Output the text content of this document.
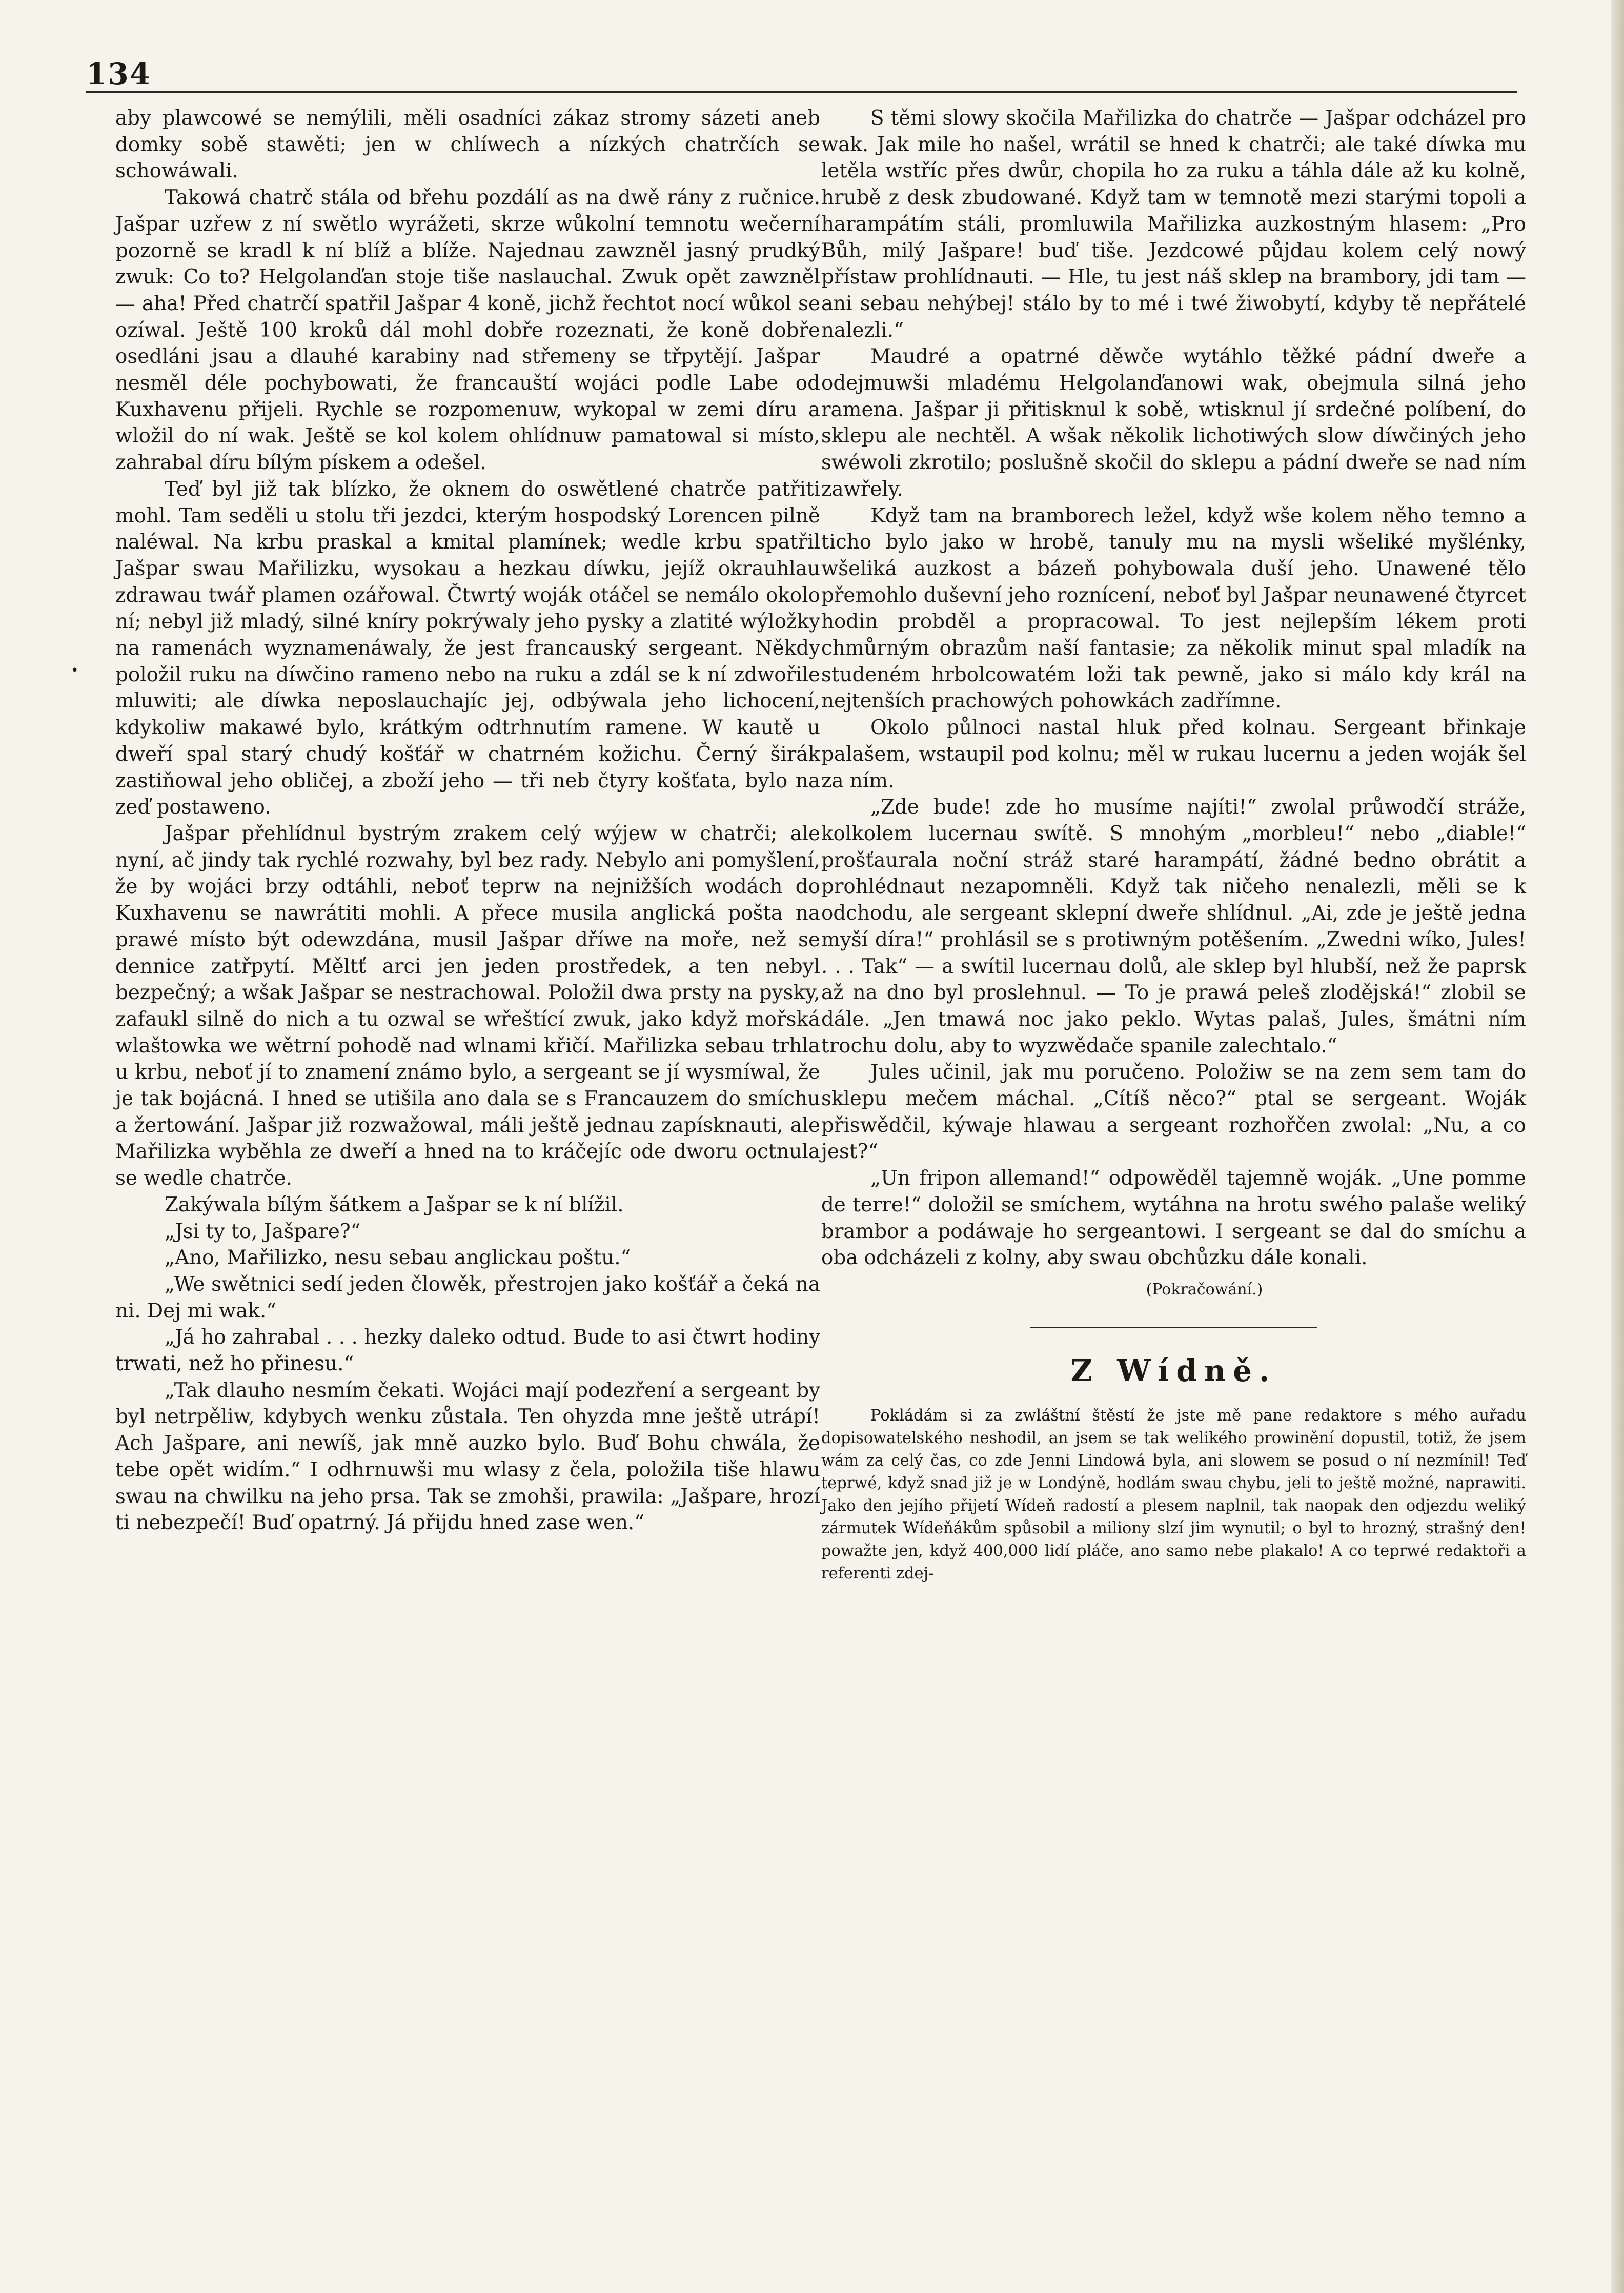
134
•

aby plawcowé se nemýlili, měli osadníci zákaz stromy sázeti aneb domky sobě stawěti; jen w chlíwech a nízkých chatrčích se schowáwali.

Takowá chatrč stála od břehu pozdálí as na dwě rány z ručnice. Jašpar uzřew z ní swětlo wyrážeti, skrze wůkolní temnotu wečerní pozorně se kradl k ní blíž a blíže. Najednau zawzněl jasný prudký zwuk: Co to? Helgolanďan stoje tiše naslauchal. Zwuk opět zawzněl — aha! Před chatrčí spatřil Jašpar 4 koně, jichž řechtot nocí wůkol se ozíwal. Ještě 100 kroků dál mohl dobře rozeznati, že koně dobře osedláni jsau a dlauhé karabiny nad střemeny se třpytějí. Jašpar nesměl déle pochybowati, že francauští wojáci podle Labe od Kuxhavenu přijeli. Rychle se rozpomenuw, wykopal w zemi díru a wložil do ní wak. Ještě se kol kolem ohlídnuw pamatowal si místo, zahrabal díru bílým pískem a odešel.

Teď byl již tak blízko, že oknem do oswětlené chatrče patřiti mohl. Tam seděli u stolu tři jezdci, kterým hospodský Lorencen pilně naléwal. Na krbu praskal a kmital plamínek; wedle krbu spatřil Jašpar swau Mařilizku, wysokau a hezkau díwku, jejíž okrauhlau zdrawau twář plamen ozářowal. Čtwrtý woják otáčel se nemálo okolo ní; nebyl již mladý, silné kníry pokrýwaly jeho pysky a zlatité wýložky na ramenách wyznamenáwaly, že jest francauský sergeant. Někdy položil ruku na díwčino rameno nebo na ruku a zdál se k ní zdwořile mluwiti; ale díwka neposlauchajíc jej, odbýwala jeho lichocení, kdykoliw makawé bylo, krátkým odtrhnutím ramene. W kautě u dweří spal starý chudý košťář w chatrném kožichu. Černý širák zastiňowal jeho obličej, a zboží jeho — tři neb čtyry košťata, bylo na zeď postaweno.

Jašpar přehlídnul bystrým zrakem celý wýjew w chatrči; ale nyní, ač jindy tak rychlé rozwahy, byl bez rady. Nebylo ani pomyšlení, že by wojáci brzy odtáhli, neboť teprw na nejnižších wodách do Kuxhavenu se nawrátiti mohli. A přece musila anglická pošta na prawé místo být odewzdána, musil Jašpar dříwe na moře, než se dennice zatřpytí. Měltť arci jen jeden prostředek, a ten nebyl bezpečný; a wšak Jašpar se nestrachowal. Položil dwa prsty na pysky, zafaukl silně do nich a tu ozwal se wřeštící zwuk, jako když mořská wlaštowka we wětrní pohodě nad wlnami křičí. Mařilizka sebau trhla u krbu, neboť jí to znamení známo bylo, a sergeant se jí wysmíwal, že je tak bojácná. I hned se utišila ano dala se s Francauzem do smíchu a žertowání. Jašpar již rozwažowal, máli ještě jednau zapísknauti, ale Mařilizka wyběhla ze dweří a hned na to kráčejíc ode dworu octnula se wedle chatrče.

Zakýwala bílým šátkem a Jašpar se k ní blížil.

„Jsi ty to, Jašpare?“

„Ano, Mařilizko, nesu sebau anglickau poštu.“

„We swětnici sedí jeden člowěk, přestrojen jako košťář a čeká na ni. Dej mi wak.“

„Já ho zahrabal . . . hezky daleko odtud. Bude to asi čtwrt hodiny trwati, než ho přinesu.“

„Tak dlauho nesmím čekati. Wojáci mají podezření a sergeant by byl netrpěliw, kdybych wenku zůstala. Ten ohyzda mne ještě utrápí! Ach Jašpare, ani newíš, jak mně auzko bylo. Buď Bohu chwála, že tebe opět widím.“ I odhrnuwši mu wlasy z čela, položila tiše hlawu swau na chwilku na jeho prsa. Tak se zmohši, prawila: „Jašpare, hrozí ti nebezpečí! Buď opatrný. Já přijdu hned zase wen.“

S těmi slowy skočila Mařilizka do chatrče — Jašpar odcházel pro wak. Jak mile ho našel, wrátil se hned k chatrči; ale také díwka mu letěla wstříc přes dwůr, chopila ho za ruku a táhla dále až ku kolně, hrubě z desk zbudowané. Když tam w temnotě mezi starými topoli a harampátím stáli, promluwila Mařilizka auzkostným hlasem: „Pro Bůh, milý Jašpare! buď tiše. Jezdcowé půjdau kolem celý nowý přístaw prohlídnauti. — Hle, tu jest náš sklep na brambory, jdi tam — ani sebau nehýbej! stálo by to mé i twé žiwobytí, kdyby tě nepřátelé nalezli.“

Maudré a opatrné děwče wytáhlo těžké pádní dweře a odejmuwši mladému Helgolanďanowi wak, obejmula silná jeho ramena. Jašpar ji přitisknul k sobě, wtisknul jí srdečné políbení, do sklepu ale nechtěl. A wšak několik lichotiwých slow díwčiných jeho swéwoli zkrotilo; poslušně skočil do sklepu a pádní dweře se nad ním zawřely.

Když tam na bramborech ležel, když wše kolem něho temno a ticho bylo jako w hrobě, tanuly mu na mysli wšeliké myšlénky, wšeliká auzkost a bázeň pohybowala duší jeho. Unawené tělo přemohlo duševní jeho roznícení, neboť byl Jašpar neunawené čtyrcet hodin probděl a propracowal. To jest nejlepším lékem proti chmůrným obrazům naší fantasie; za několik minut spal mladík na studeném hrbolcowatém loži tak pewně, jako si málo kdy král na nejtenších prachowých pohowkách zadřímne.

Okolo půlnoci nastal hluk před kolnau. Sergeant břinkaje palašem, wstaupil pod kolnu; měl w rukau lucernu a jeden woják šel za ním.

„Zde bude! zde ho musíme najíti!“ zwolal průwodčí stráže, kolkolem lucernau swítě. S mnohým „morbleu!“ nebo „diable!“ prošťaurala noční stráž staré harampátí, žádné bedno obrátit a prohlédnaut nezapomněli. Když tak ničeho nenalezli, měli se k odchodu, ale sergeant sklepní dweře shlídnul. „Ai, zde je ještě jedna myší díra!“ prohlásil se s protiwným potěšením. „Zwedni wíko, Jules! . . . Tak“ — a swítil lucernau dolů, ale sklep byl hlubší, než že paprsk až na dno byl proslehnul. — To je prawá peleš zlodějská!“ zlobil se dále. „Jen tmawá noc jako peklo. Wytas palaš, Jules, šmátni ním trochu dolu, aby to wyzwědače spanile zalechtalo.“

Jules učinil, jak mu poručeno. Položiw se na zem sem tam do sklepu mečem máchal. „Cítíš něco?“ ptal se sergeant. Woják přiswědčil, kýwaje hlawau a sergeant rozhořčen zwolal: „Nu, a co jest?“

„Un fripon allemand!“ odpowěděl tajemně woják. „Une pomme de terre!“ doložil se smíchem, wytáhna na hrotu swého palaše weliký brambor a podáwaje ho sergeantowi. I sergeant se dal do smíchu a oba odcházeli z kolny, aby swau obchůzku dále konali.

(Pokračowání.)
Z Wídně.

Pokládám si za zwláštní štěstí že jste mě pane redaktore s mého auřadu dopisowatelského neshodil, an jsem se tak welikého prowinění dopustil, totiž, že jsem wám za celý čas, co zde Jenni Lindowá byla, ani slowem se posud o ní nezmínil! Teď teprwé, když snad již je w Londýně, hodlám swau chybu, jeli to ještě možné, naprawiti. Jako den jejího přijetí Wídeň radostí a plesem naplnil, tak naopak den odjezdu weliký zármutek Wídeňákům spůsobil a miliony slzí jim wynutil; o byl to hrozný, strašný den! powažte jen, když 400,000 lidí pláče, ano samo nebe plakalo! A co teprwé redaktoři a referenti zdej-
